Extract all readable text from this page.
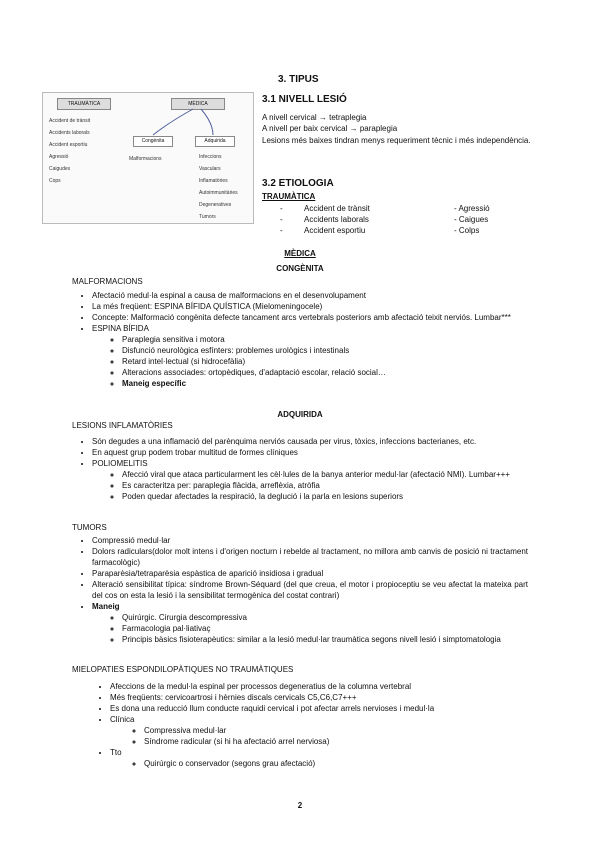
3. TIPUS
TRAUMÀTICA	MÈDICA
Congènita	Adquirida
Accident de trànsit
Accidents laborals
Accident esportiu
Agressió
Caigudes
Cops
Malformacions	Infeccions
Vasculars
Inflamatòries
Autoimmunitàries
Degeneratives
Tumors
3.1 NIVELL LESIÓ
A nivell cervical → tetraplegia
A nivell per baix cervical → paraplegia
Lesions més baixes tindran menys requeriment tècnic i més independència.
3.2 ETIOLOGIA
TRAUMÀTICA
-	Accident de trànsit	- Agressió
-	Accidents laborals	- Caigues
-	Accident esportiu	- Colps
MÈDICA
CONGÈNITA
MALFORMACIONS
• Afectació medul·la espinal a causa de malformacions en el desenvolupament
• La més freqüent: ESPINA BÍFIDA QUÍSTICA (Mielomeningocele)
• Concepte: Malformació congènita defecte tancament arcs vertebrals posteriors amb afectació teixit nerviós. Lumbar***
• ESPINA BÍFIDA
◦ Paraplegia sensitiva i motora
◦ Disfunció neurològica esfínters: problemes urològics i intestinals
◦ Retard intel·lectual (si hidrocefàlia)
◦ Alteracions associades: ortopèdiques, d'adaptació escolar, relació social…
◦ Maneig específic
ADQUIRIDA
LESIONS INFLAMATÒRIES
• Són degudes a una inflamació del parènquima nerviós causada per virus, tòxics, infeccions bacterianes, etc.
• En aquest grup podem trobar multitud de formes clíniques
• POLIOMELITIS
◦ Afecció viral que ataca particularment les cèl·lules de la banya anterior medul·lar (afectació NMI). Lumbar+++
◦ Es caracteritza per: paraplegia flàcida, arreflèxia, atròfia
◦ Poden quedar afectades la respiració, la deglució i la parla en lesions superiors
TUMORS
• Compressió medul·lar
• Dolors radiculars(dolor molt intens i d'origen nocturn i rebelde al tractament, no millora amb canvis de posició ni tractament farmacològic)
• Paraparèsia/tetraparèsia espàstica de aparició insidiosa i gradual
• Alteració sensibilitat típica: síndrome Brown-Séquard (del que creua, el motor i propioceptiu se veu afectat la mateixa part del cos on esta la lesió i la sensibilitat termogènica del costat contrari)
• Maneig
◦ Quirúrgic. Cirurgia descompressiva
◦ Farmacologia pal·liativaç
◦ Principis bàsics fisioterapèutics: similar a la lesió medul·lar traumàtica segons nivell lesió i simptomatologia
MIELOPATIES ESPONDILOPÀTIQUES NO TRAUMÀTIQUES
• Afeccions de la medul·la espinal per processos degeneratius de la columna vertebral
• Més freqüents: cervicoartrosi i hèrnies discals cervicals C5,C6,C7+++
• Es dona una reducció llum conducte raquidi cervical i pot afectar arrels nervioses i medul·la
• Clínica
◦ Compressiva medul·lar
◦ Síndrome radicular (si hi ha afectació arrel nerviosa)
• Tto
◦ Quirúrgic o conservador (segons grau afectació)
2
